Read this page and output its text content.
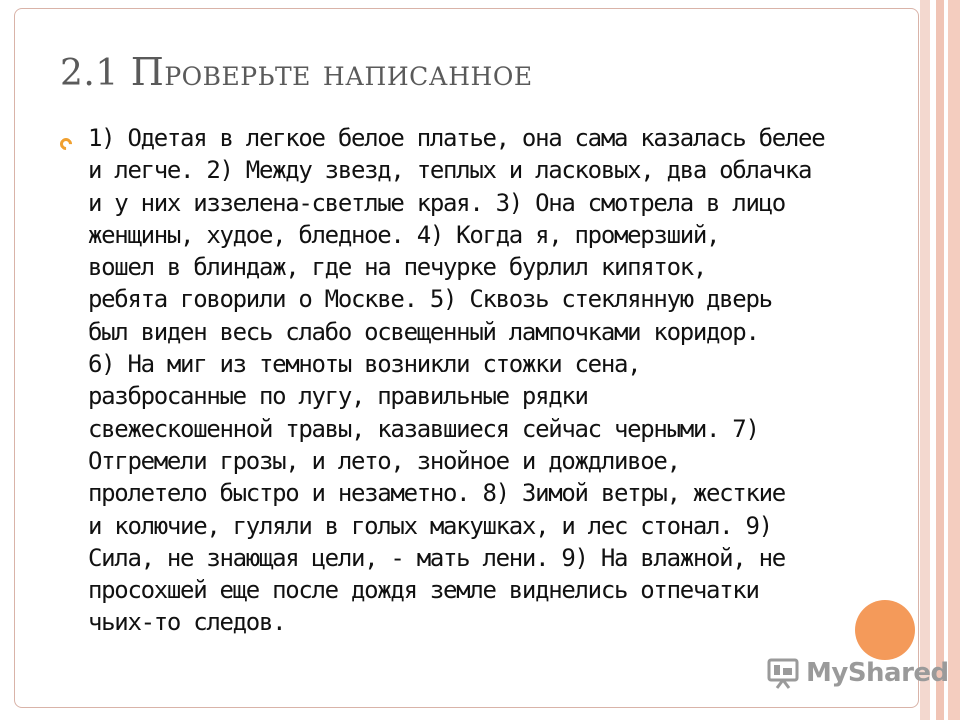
2.1 Проверьте написанное
1) Одетая в легкое белое платье, она сама казалась белее
и легче. 2) Между звезд, теплых и ласковых, два облачка
и у них иззелена-светлые края. 3) Она смотрела в лицо
женщины, худое, бледное. 4) Когда я, промерзший,
вошел в блиндаж, где на печурке бурлил кипяток,
ребята говорили о Москве. 5) Сквозь стеклянную дверь
был виден весь слабо освещенный лампочками коридор.
6) На миг из темноты возникли стожки сена,
разбросанные по лугу, правильные рядки
свежескошенной травы, казавшиеся сейчас черными. 7)
Отгремели грозы, и лето, знойное и дождливое,
пролетело быстро и незаметно. 8) Зимой ветры, жесткие
и колючие, гуляли в голых макушках, и лес стонал. 9)
Сила, не знающая цели, - мать лени. 9) На влажной, не
просохшей еще после дождя земле виднелись отпечатки
чьих-то следов.
MyShared
